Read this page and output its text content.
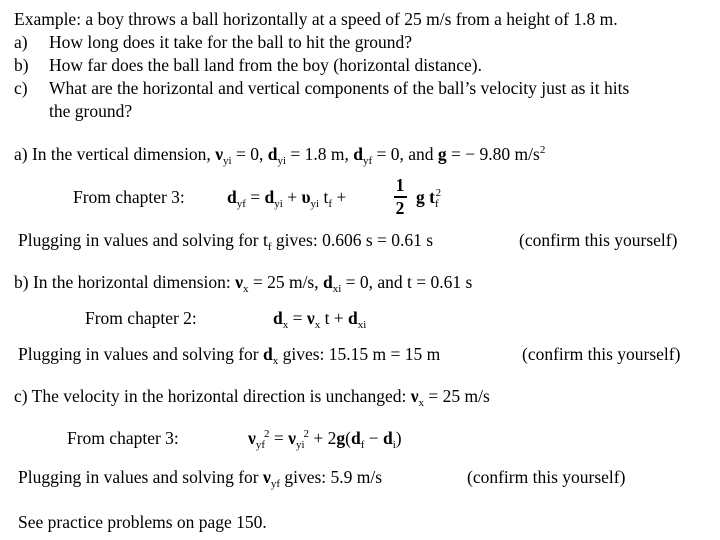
Example: a boy throws a ball horizontally at a speed of 25 m/s from a height of 1.8 m.
a) How long does it take for the ball to hit the ground?
b) How far does the ball land from the boy (horizontal distance).
c) What are the horizontal and vertical components of the ball’s velocity just as it hits
the ground?
a) In the vertical dimension, $\nu_{yi} = 0$, $d_{yi} = 1.8$ m, $d_{yf} = 0$, and g = − 9.80 $m/s^2$
From chapter 3: $d_{yf} = d_{yi} + \upsilon_{yi}$ $t_f$ +
1
2
g $t_f^2$
Plugging in values and solving for $t_f$ gives: 0.606 s = 0.61 s	(confirm this yourself)
b) In the horizontal dimension: $\nu_x = 25$ m/s, $d_{xi} = 0$, and t = 0.61 s
From chapter 2:	$d_x = \nu_x$ $t + d_{xi}$
Plugging in values and solving for $d_x$ gives: 15.15 m = 15 m	(confirm this yourself)
c) The velocity in the horizontal direction is unchanged: $\nu_x = 25$ m/s
From chapter 3:	$\nu_{yf}^2 = \nu_{yi}^2 + 2g(d_f - d_i)$
Plugging in values and solving for $\nu_{yf}$ gives: 5.9 m/s	(confirm this yourself)
See practice problems on page 150.
